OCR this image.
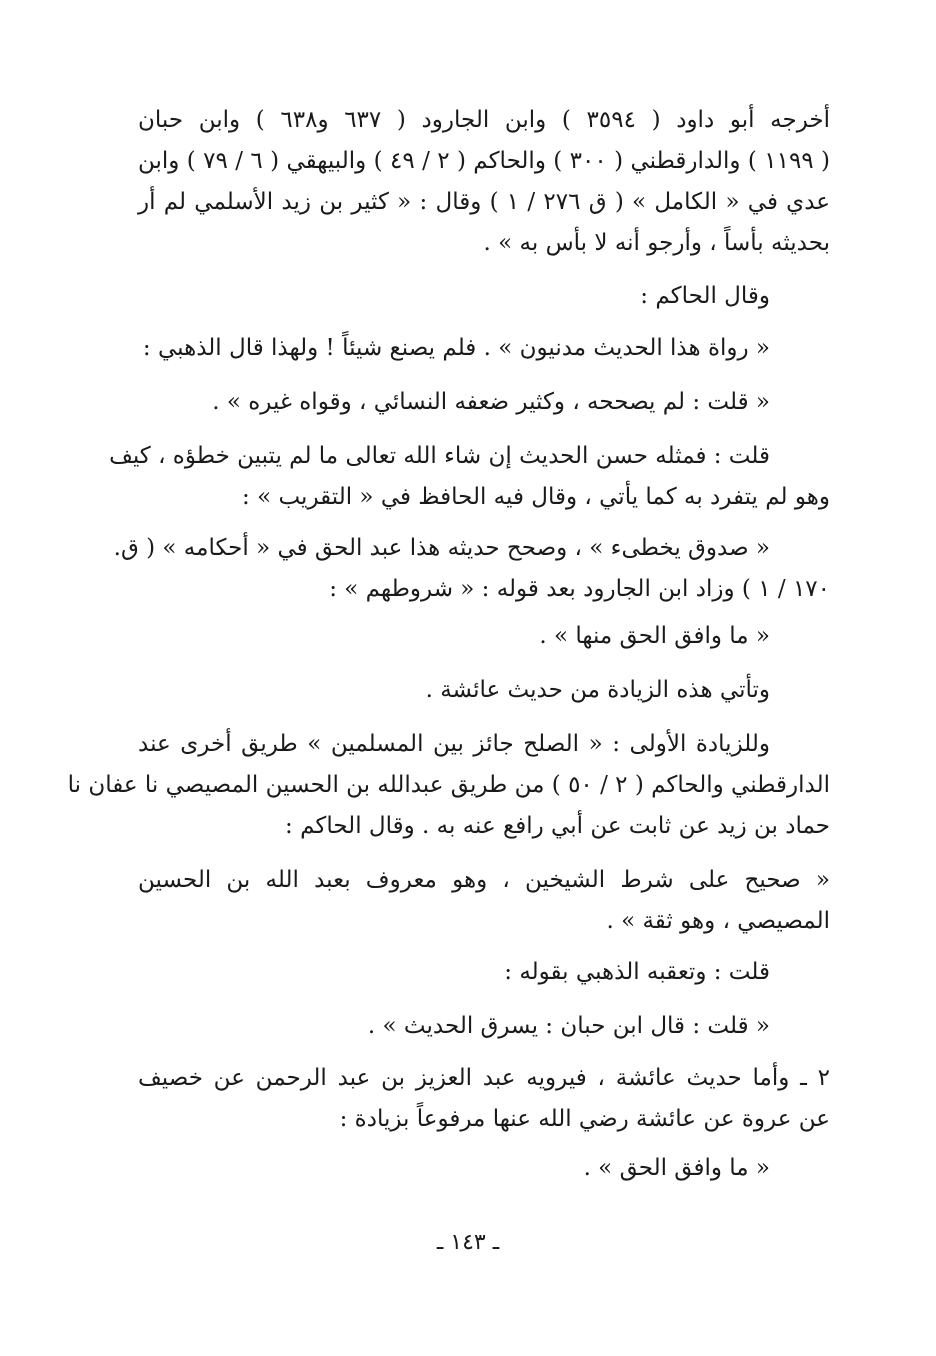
أخرجه أبو داود ( ٣٥٩٤ ) وابن الجارود ( ٦٣٧ و٦٣٨ ) وابن حبان
( ١١٩٩ ) والدارقطني ( ٣٠٠ ) والحاكم ( ٢ / ٤٩ ) والبيهقي ( ٦ / ٧٩ ) وابن
عدي في « الكامل » ( ق ٢٧٦ / ١ ) وقال : « كثير بن زيد الأسلمي لم أر
بحديثه بأساً ، وأرجو أنه لا بأس به » .
وقال الحاكم :
« رواة هذا الحديث مدنيون » . فلم يصنع شيئاً ! ولهذا قال الذهبي :
« قلت : لم يصححه ، وكثير ضعفه النسائي ، وقواه غيره » .
قلت : فمثله حسن الحديث إن شاء الله تعالى ما لم يتبين خطؤه ، كيف
وهو لم يتفرد به كما يأتي ، وقال فيه الحافظ في « التقريب » :
« صدوق يخطىء » ، وصحح حديثه هذا عبد الحق في « أحكامه » ( ق.
١٧٠ / ١ ) وزاد ابن الجارود بعد قوله : « شروطهم » :
« ما وافق الحق منها » .
وتأتي هذه الزيادة من حديث عائشة .
وللزيادة الأولى : « الصلح جائز بين المسلمين » طريق أخرى عند
الدارقطني والحاكم ( ٢ / ٥٠ ) من طريق عبدالله بن الحسين المصيصي نا عفان نا
حماد بن زيد عن ثابت عن أبي رافع عنه به . وقال الحاكم :
« صحيح على شرط الشيخين ، وهو معروف بعبد الله بن الحسين
المصيصي ، وهو ثقة » .
قلت : وتعقبه الذهبي بقوله :
« قلت : قال ابن حبان : يسرق الحديث » .
٢ ـ وأما حديث عائشة ، فيرويه عبد العزيز بن عبد الرحمن عن خصيف
عن عروة عن عائشة رضي الله عنها مرفوعاً بزيادة :
« ما وافق الحق » .
ـ ١٤٣ ـ
